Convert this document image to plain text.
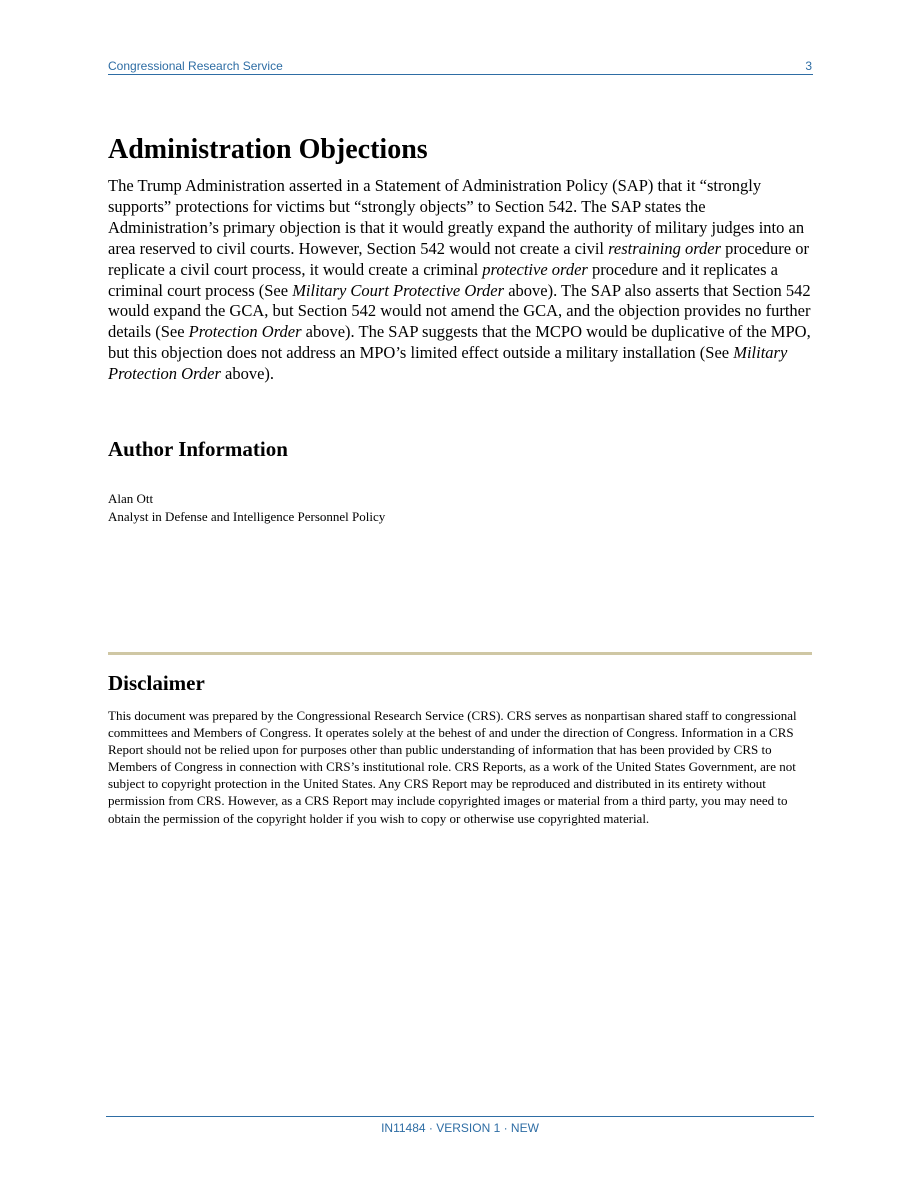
Congressional Research Service	3
Administration Objections

The Trump Administration asserted in a Statement of Administration Policy (SAP) that it “strongly supports” protections for victims but “strongly objects” to Section 542. The SAP states the Administration’s primary objection is that it would greatly expand the authority of military judges into an area reserved to civil courts. However, Section 542 would not create a civil restraining order procedure or replicate a civil court process, it would create a criminal protective order procedure and it replicates a criminal court process (See Military Court Protective Order above). The SAP also asserts that Section 542 would expand the GCA, but Section 542 would not amend the GCA, and the objection provides no further details (See Protection Order above). The SAP suggests that the MCPO would be duplicative of the MPO, but this objection does not address an MPO’s limited effect outside a military installation (See Military Protection Order above).

Author Information
Alan Ott
Analyst in Defense and Intelligence Personnel Policy
Disclaimer

This document was prepared by the Congressional Research Service (CRS). CRS serves as nonpartisan shared staff to congressional committees and Members of Congress. It operates solely at the behest of and under the direction of Congress. Information in a CRS Report should not be relied upon for purposes other than public understanding of information that has been provided by CRS to Members of Congress in connection with CRS’s institutional role. CRS Reports, as a work of the United States Government, are not subject to copyright protection in the United States. Any CRS Report may be reproduced and distributed in its entirety without permission from CRS. However, as a CRS Report may include copyrighted images or material from a third party, you may need to obtain the permission of the copyright holder if you wish to copy or otherwise use copyrighted material.

IN11484 · VERSION 1 · NEW
